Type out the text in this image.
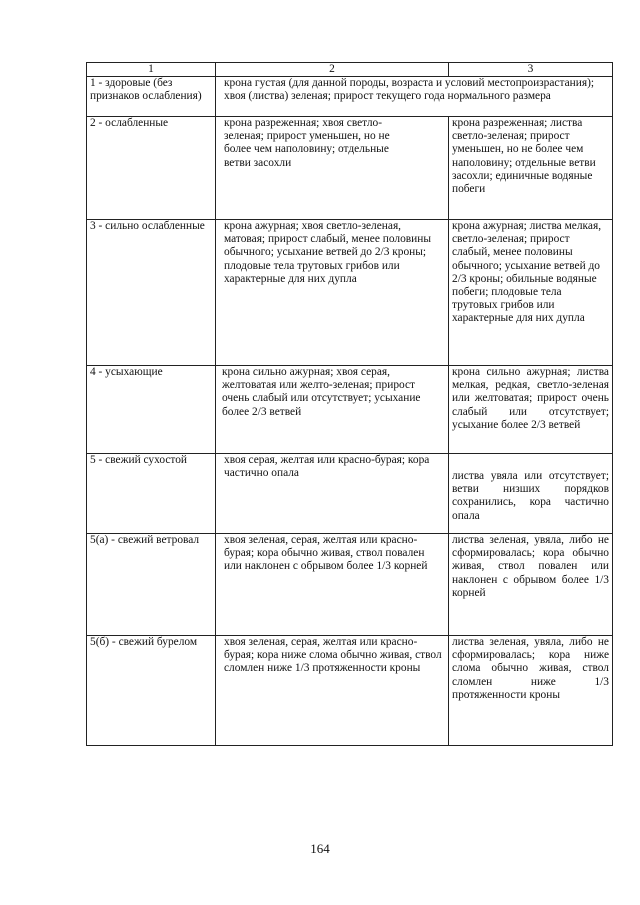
1	2	3
1 - здоровые (без признаков ослабления)	крона густая (для данной породы, возраста и условий местопроизрастания); хвоя (листва) зеленая; прирост текущего года нормального размера	
2 - ослабленные	крона разреженная; хвоя светло-зеленая; прирост уменьшен, но не более чем наполовину; отдельные ветви засохли	крона разреженная; листва светло-зеленая; прирост уменьшен, но не более чем наполовину; отдельные ветви засохли; единичные водяные побеги
3 - сильно ослабленные	крона ажурная; хвоя светло-зеленая, матовая; прирост слабый, менее половины обычного; усыхание ветвей до 2/3 кроны; плодовые тела трутовых грибов или характерные для них дупла	крона ажурная; листва мелкая, светло-зеленая; прирост слабый, менее половины обычного; усыхание ветвей до 2/3 кроны; обильные водяные побеги; плодовые тела трутовых грибов или характерные для них дупла
4 - усыхающие	крона сильно ажурная; хвоя серая, желтоватая или желто-зеленая; прирост очень слабый или отсутствует; усыхание более 2/3 ветвей	крона сильно ажурная; листва мелкая, редкая, светло-зеленая или желтоватая; прирост очень слабый или отсутствует; усыхание более 2/3 ветвей
5 - свежий сухостой	хвоя серая, желтая или красно-бурая; кора частично опала	листва увяла или отсутствует; ветви низших порядков сохранились, кора частично опала
5(а) - свежий ветровал	хвоя зеленая, серая, желтая или красно-бурая; кора обычно живая, ствол повален или наклонен с обрывом более 1/3 корней	листва зеленая, увяла, либо не сформировалась; кора обычно живая, ствол повален или наклонен с обрывом более 1/3 корней
5(б) - свежий бурелом	хвоя зеленая, серая, желтая или красно-бурая; кора ниже слома обычно живая, ствол сломлен ниже 1/3 протяженности кроны	листва зеленая, увяла, либо не сформировалась; кора ниже слома обычно живая, ствол сломлен ниже 1/3 протяженности кроны
164
